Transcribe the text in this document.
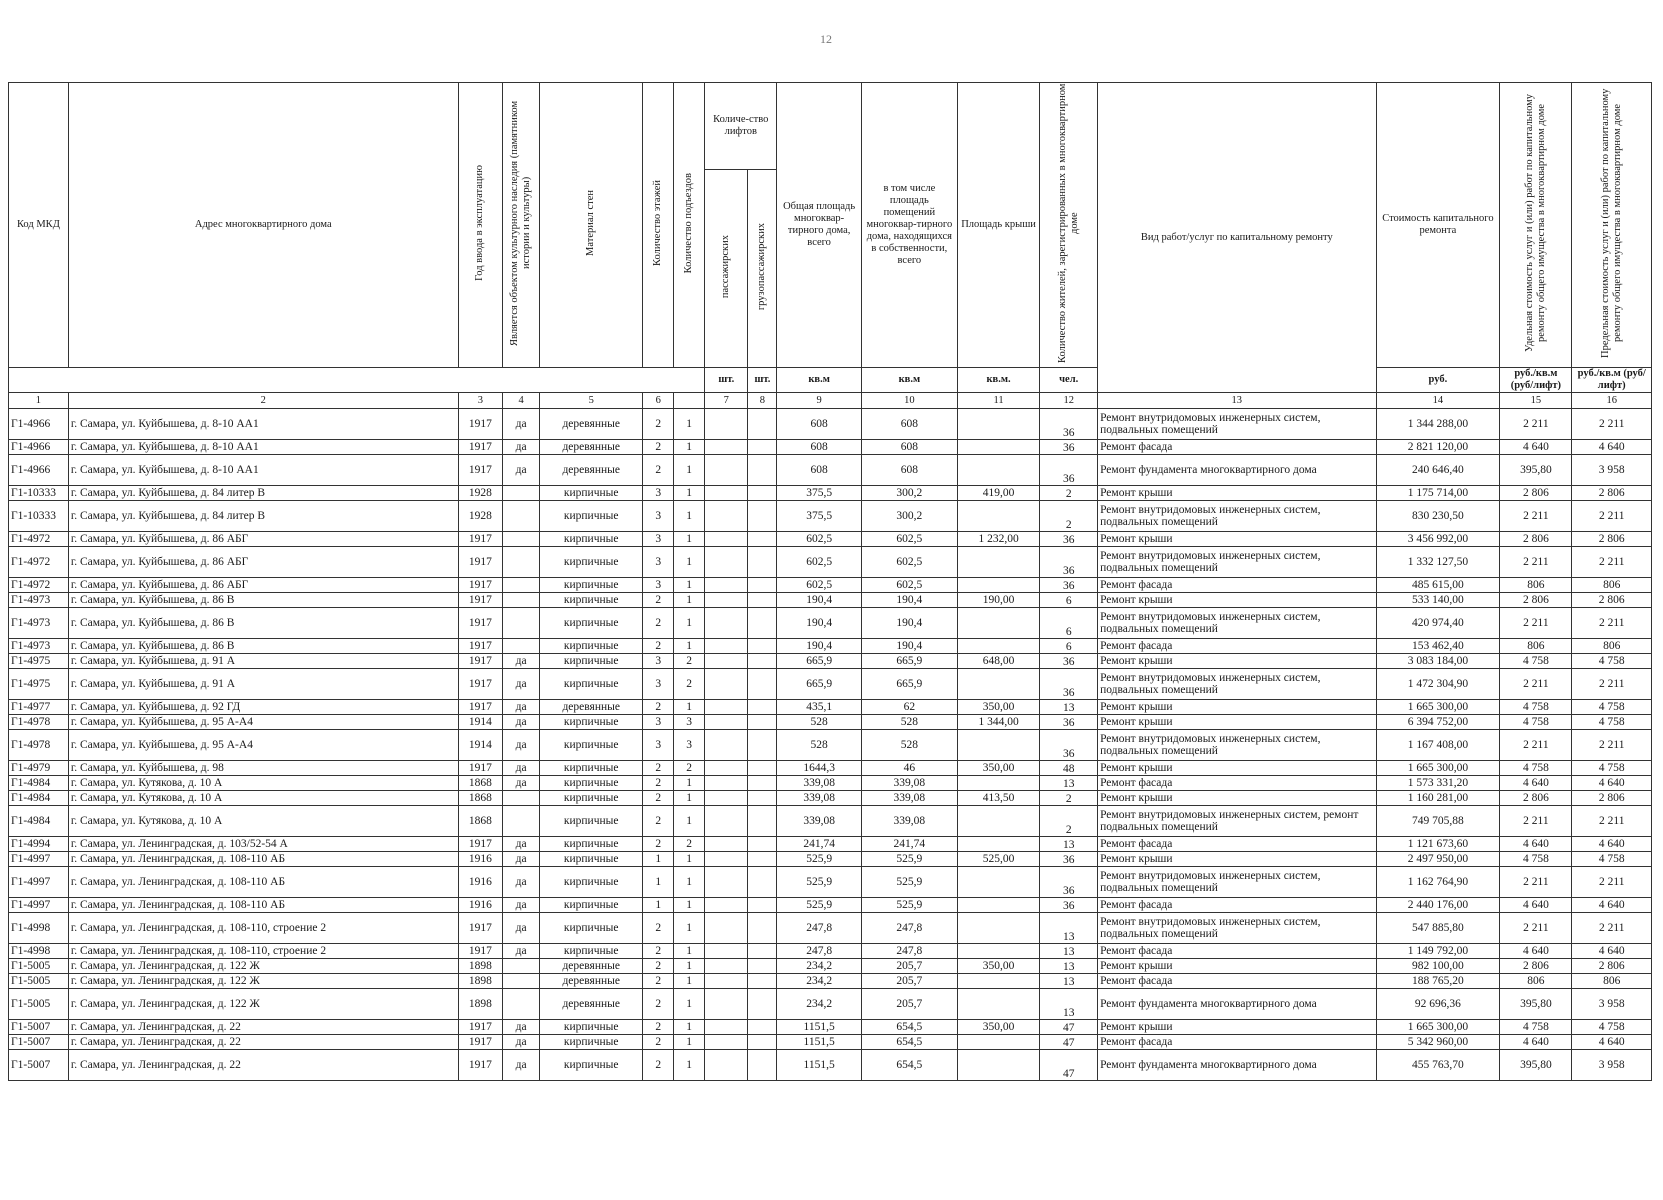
12
Код МКД	Адрес многоквартирного дома	Год ввода в эксплуатацию	Является объектом культурного наследия (памятником истории и культуры)	Материал стен	Количество этажей	Количество подъездов	Количе-ство лифтов		Общая площадь многоквар-тирного дома, всего	в том числе площадь помещений многоквар-тирного дома, находящихся в собственности, всего	Площадь крыши	Количество жителей, зарегистрированных в многоквартирном доме	Вид работ/услуг по капитальному ремонту	Стоимость капитального ремонта	Удельная стоимость услуг и (или) работ по капитальному ремонту общего имущества в многоквартирном доме	Предельная стоимость услуг и (или) работ по капитальному ремонту общего имущества в многоквартирном доме
							пассажирских	грузопассажирских								
							шт.	шт.	кв.м	кв.м	кв.м.	чел.		руб.	руб./кв.м (руб/лифт)	руб./кв.м (руб/лифт)
1	2	3	4	5	6		7	8	9	10	11	12	13	14	15	16
Г1-4966	г. Самара, ул. Куйбышева, д. 8-10 АА1	1917	да	деревянные	2	1			608	608		36	Ремонт внутридомовых инженерных систем, подвальных помещений	1 344 288,00	2 211	2 211
Г1-4966	г. Самара, ул. Куйбышева, д. 8-10 АА1	1917	да	деревянные	2	1			608	608		36	Ремонт фасада	2 821 120,00	4 640	4 640
Г1-4966	г. Самара, ул. Куйбышева, д. 8-10 АА1	1917	да	деревянные	2	1			608	608		36	Ремонт фундамента многоквартирного дома	240 646,40	395,80	3 958
Г1-10333	г. Самара, ул. Куйбышева, д. 84 литер В	1928		кирпичные	3	1			375,5	300,2	419,00	2	Ремонт крыши	1 175 714,00	2 806	2 806
Г1-10333	г. Самара, ул. Куйбышева, д. 84 литер В	1928		кирпичные	3	1			375,5	300,2		2	Ремонт внутридомовых инженерных систем, подвальных помещений	830 230,50	2 211	2 211
Г1-4972	г. Самара, ул. Куйбышева, д. 86 АБГ	1917		кирпичные	3	1			602,5	602,5	1 232,00	36	Ремонт крыши	3 456 992,00	2 806	2 806
Г1-4972	г. Самара, ул. Куйбышева, д. 86 АБГ	1917		кирпичные	3	1			602,5	602,5		36	Ремонт внутридомовых инженерных систем, подвальных помещений	1 332 127,50	2 211	2 211
Г1-4972	г. Самара, ул. Куйбышева, д. 86 АБГ	1917		кирпичные	3	1			602,5	602,5		36	Ремонт фасада	485 615,00	806	806
Г1-4973	г. Самара, ул. Куйбышева, д. 86 В	1917		кирпичные	2	1			190,4	190,4	190,00	6	Ремонт крыши	533 140,00	2 806	2 806
Г1-4973	г. Самара, ул. Куйбышева, д. 86 В	1917		кирпичные	2	1			190,4	190,4		6	Ремонт внутридомовых инженерных систем, подвальных помещений	420 974,40	2 211	2 211
Г1-4973	г. Самара, ул. Куйбышева, д. 86 В	1917		кирпичные	2	1			190,4	190,4		6	Ремонт фасада	153 462,40	806	806
Г1-4975	г. Самара, ул. Куйбышева, д. 91 А	1917	да	кирпичные	3	2			665,9	665,9	648,00	36	Ремонт крыши	3 083 184,00	4 758	4 758
Г1-4975	г. Самара, ул. Куйбышева, д. 91 А	1917	да	кирпичные	3	2			665,9	665,9		36	Ремонт внутридомовых инженерных систем, подвальных помещений	1 472 304,90	2 211	2 211
Г1-4977	г. Самара, ул. Куйбышева, д. 92 ГД	1917	да	деревянные	2	1			435,1	62	350,00	13	Ремонт крыши	1 665 300,00	4 758	4 758
Г1-4978	г. Самара, ул. Куйбышева, д. 95 А-А4	1914	да	кирпичные	3	3			528	528	1 344,00	36	Ремонт крыши	6 394 752,00	4 758	4 758
Г1-4978	г. Самара, ул. Куйбышева, д. 95 А-А4	1914	да	кирпичные	3	3			528	528		36	Ремонт внутридомовых инженерных систем, подвальных помещений	1 167 408,00	2 211	2 211
Г1-4979	г. Самара, ул. Куйбышева, д. 98	1917	да	кирпичные	2	2			1644,3	46	350,00	48	Ремонт крыши	1 665 300,00	4 758	4 758
Г1-4984	г. Самара, ул. Кутякова, д. 10 А	1868	да	кирпичные	2	1			339,08	339,08		13	Ремонт фасада	1 573 331,20	4 640	4 640
Г1-4984	г. Самара, ул. Кутякова, д. 10 А	1868		кирпичные	2	1			339,08	339,08	413,50	2	Ремонт крыши	1 160 281,00	2 806	2 806
Г1-4984	г. Самара, ул. Кутякова, д. 10 А	1868		кирпичные	2	1			339,08	339,08		2	Ремонт внутридомовых инженерных систем, ремонт подвальных помещений	749 705,88	2 211	2 211
Г1-4994	г. Самара, ул. Ленинградская, д. 103/52-54 А	1917	да	кирпичные	2	2			241,74	241,74		13	Ремонт фасада	1 121 673,60	4 640	4 640
Г1-4997	г. Самара, ул. Ленинградская, д. 108-110 АБ	1916	да	кирпичные	1	1			525,9	525,9	525,00	36	Ремонт крыши	2 497 950,00	4 758	4 758
Г1-4997	г. Самара, ул. Ленинградская, д. 108-110 АБ	1916	да	кирпичные	1	1			525,9	525,9		36	Ремонт внутридомовых инженерных систем, подвальных помещений	1 162 764,90	2 211	2 211
Г1-4997	г. Самара, ул. Ленинградская, д. 108-110 АБ	1916	да	кирпичные	1	1			525,9	525,9		36	Ремонт фасада	2 440 176,00	4 640	4 640
Г1-4998	г. Самара, ул. Ленинградская, д. 108-110, строение 2	1917	да	кирпичные	2	1			247,8	247,8		13	Ремонт внутридомовых инженерных систем, подвальных помещений	547 885,80	2 211	2 211
Г1-4998	г. Самара, ул. Ленинградская, д. 108-110, строение 2	1917	да	кирпичные	2	1			247,8	247,8		13	Ремонт фасада	1 149 792,00	4 640	4 640
Г1-5005	г. Самара, ул. Ленинградская, д. 122 Ж	1898		деревянные	2	1			234,2	205,7	350,00	13	Ремонт крыши	982 100,00	2 806	2 806
Г1-5005	г. Самара, ул. Ленинградская, д. 122 Ж	1898		деревянные	2	1			234,2	205,7		13	Ремонт фасада	188 765,20	806	806
Г1-5005	г. Самара, ул. Ленинградская, д. 122 Ж	1898		деревянные	2	1			234,2	205,7		13	Ремонт фундамента многоквартирного дома	92 696,36	395,80	3 958
Г1-5007	г. Самара, ул. Ленинградская, д. 22	1917	да	кирпичные	2	1			1151,5	654,5	350,00	47	Ремонт крыши	1 665 300,00	4 758	4 758
Г1-5007	г. Самара, ул. Ленинградская, д. 22	1917	да	кирпичные	2	1			1151,5	654,5		47	Ремонт фасада	5 342 960,00	4 640	4 640
Г1-5007	г. Самара, ул. Ленинградская, д. 22	1917	да	кирпичные	2	1			1151,5	654,5		47	Ремонт фундамента многоквартирного дома	455 763,70	395,80	3 958
